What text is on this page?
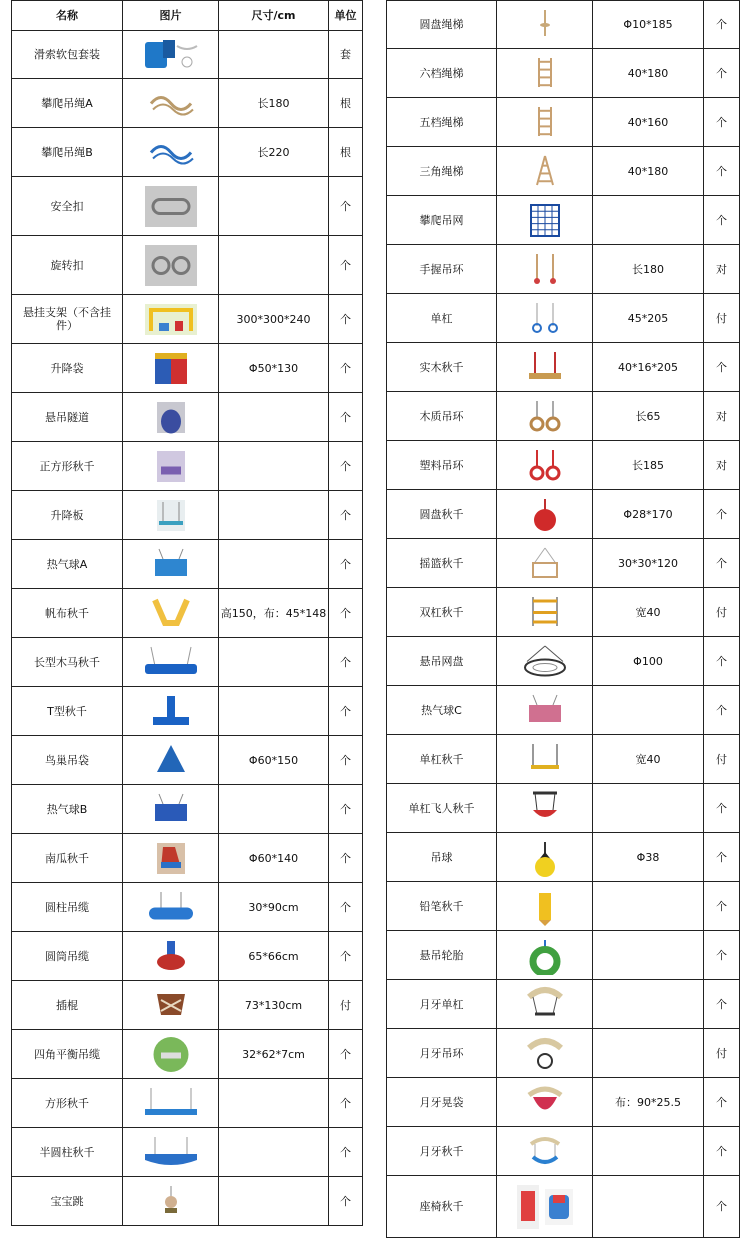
名称	图片	尺寸/cm	单位
滑索软包套装			套
攀爬吊绳A		长180	根
攀爬吊绳B		长220	根
安全扣			个
旋转扣			个
悬挂支架（不含挂件）		300*300*240	个
升降袋		Φ50*130	个
悬吊隧道			个
正方形秋千			个
升降板			个
热气球A			个
帆布秋千		高150，布：45*148	个
长型木马秋千			个
T型秋千			个
鸟巢吊袋		Φ60*150	个
热气球B			个
南瓜秋千		Φ60*140	个
圆柱吊缆		30*90cm	个
圆筒吊缆		65*66cm	个
插棍		73*130cm	付
四角平衡吊缆		32*62*7cm	个
方形秋千			个
半圆柱秋千			个
宝宝跳			个
圆盘绳梯		Φ10*185	个
六档绳梯		40*180	个
五档绳梯		40*160	个
三角绳梯		40*180	个
攀爬吊网			个
手握吊环		长180	对
单杠		45*205	付
实木秋千		40*16*205	个
木质吊环		长65	对
塑料吊环		长185	对
圆盘秋千		Φ28*170	个
摇篮秋千		30*30*120	个
双杠秋千		宽40	付
悬吊网盘		Φ100	个
热气球C			个
单杠秋千		宽40	付
单杠飞人秋千			个
吊球		Φ38	个
铅笔秋千			个
悬吊轮胎			个
月牙单杠			个
月牙吊环			付
月牙晃袋		布：90*25.5	个
月牙秋千			个
座椅秋千			个
